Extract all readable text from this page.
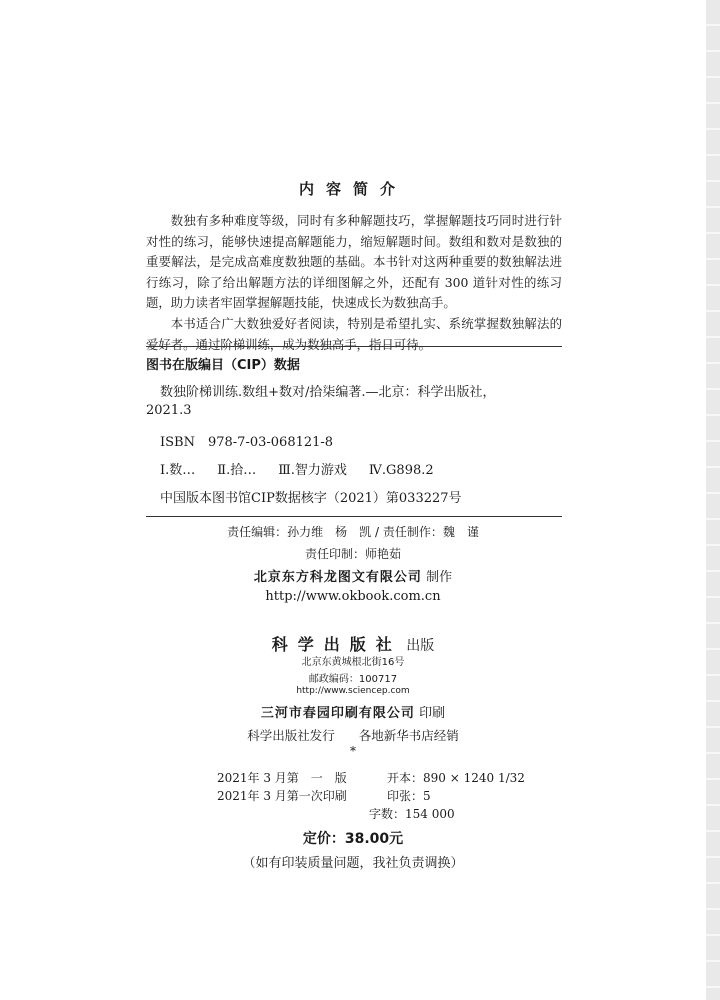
内容简介

数独有多种难度等级，同时有多种解题技巧，掌握解题技巧同时进行针对性的练习，能够快速提高解题能力，缩短解题时间。数组和数对是数独的重要解法，是完成高难度数独题的基础。本书针对这两种重要的数独解法进行练习，除了给出解题方法的详细图解之外，还配有 300 道针对性的练习题，助力读者牢固掌握解题技能，快速成长为数独高手。

本书适合广大数独爱好者阅读，特别是希望扎实、系统掌握数独解法的爱好者。通过阶梯训练，成为数独高手，指日可待。

图书在版编目（CIP）数据
数独阶梯训练.数组+数对/拾柒编著.—北京：科学出版社，
2021.3
ISBN　978-7-03-068121-8
Ⅰ.数… Ⅱ.拾… Ⅲ.智力游戏 Ⅳ.G898.2
中国版本图书馆CIP数据核字（2021）第033227号
责任编辑：孙力维　杨　凯 / 责任制作：魏　谨
责任印制：师艳茹
北京东方科龙图文有限公司 制作
http://www.okbook.com.cn
科学出版社 出版
北京东黄城根北街16号
邮政编码：100717
http://www.sciencep.com
三河市春园印刷有限公司 印刷
科学出版社发行 各地新华书店经销
*
2021年 3 月第　一　版	开本：890 × 1240 1/32
2021年 3 月第一次印刷	印张：5
字数：154 000
定价：38.00元
（如有印装质量问题，我社负责调换）
